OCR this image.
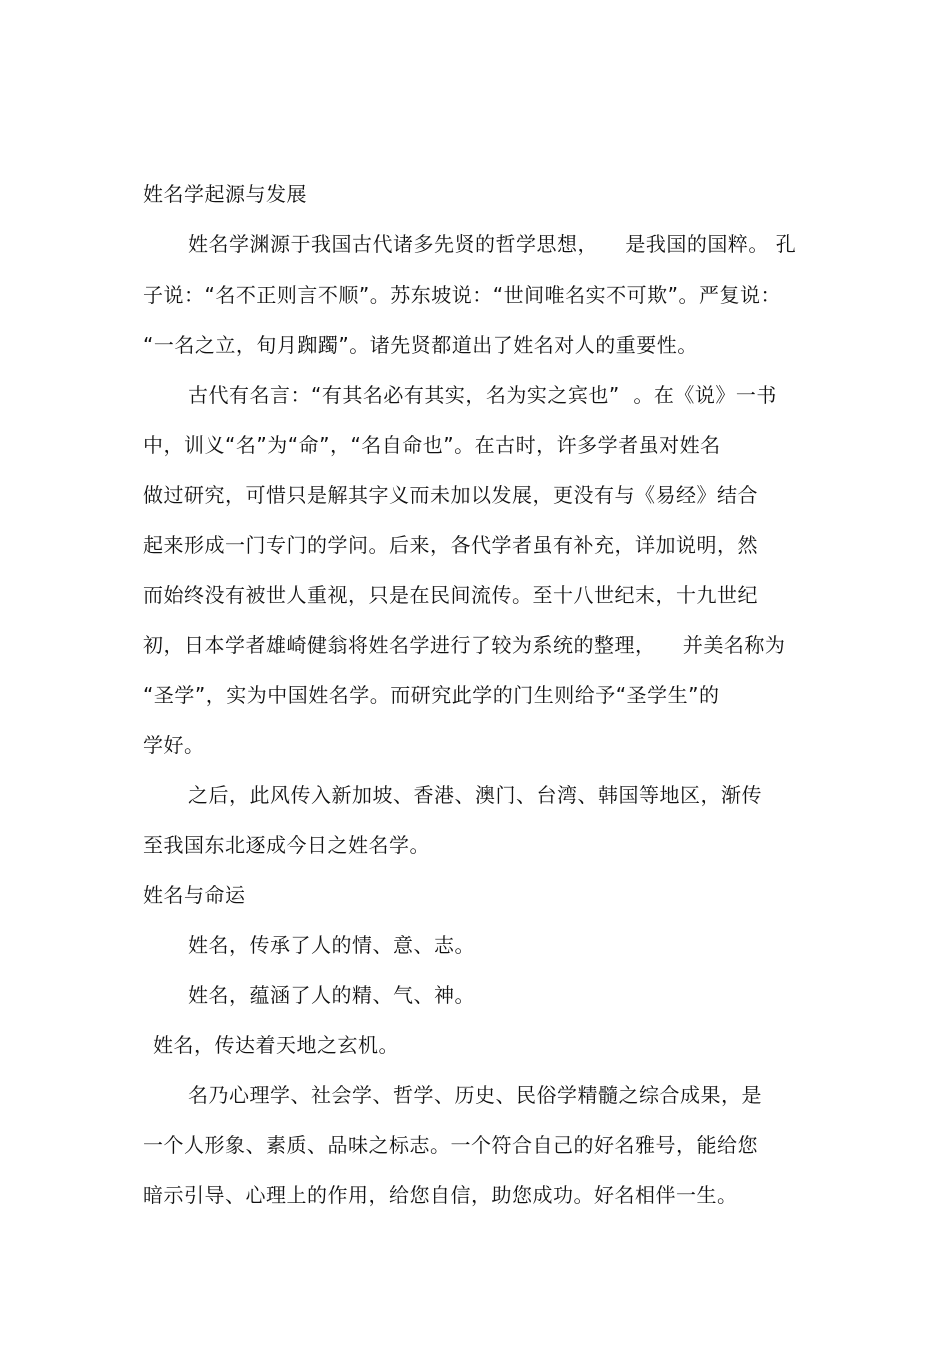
姓名学起源与发展
姓名学渊源于我国古代诸多先贤的哲学思想，    是我国的国粹。 孔
子说：“名不正则言不顺”。苏东坡说：“世间唯名实不可欺”。严复说：
“一名之立，旬月踟躅”。诸先贤都道出了姓名对人的重要性。
古代有名言：“有其名必有其实，名为实之宾也”  。在《说》一书
中，训义“名”为“命”，“名自命也”。在古时，许多学者虽对姓名
做过研究，可惜只是解其字义而未加以发展，更没有与《易经》结合
起来形成一门专门的学问。后来，各代学者虽有补充，详加说明，然
而始终没有被世人重视，只是在民间流传。至十八世纪末，十九世纪
初，日本学者雄崎健翁将姓名学进行了较为系统的整理，    并美名称为
“圣学”，实为中国姓名学。而研究此学的门生则给予“圣学生”的
学好。
之后，此风传入新加坡、香港、澳门、台湾、韩国等地区，渐传
至我国东北逐成今日之姓名学。
姓名与命运
姓名，传承了人的情、意、志。
姓名，蕴涵了人的精、气、神。
姓名，传达着天地之玄机。
名乃心理学、社会学、哲学、历史、民俗学精髓之综合成果，是
一个人形象、素质、品味之标志。一个符合自己的好名雅号，能给您
暗示引导、心理上的作用，给您自信，助您成功。好名相伴一生。
